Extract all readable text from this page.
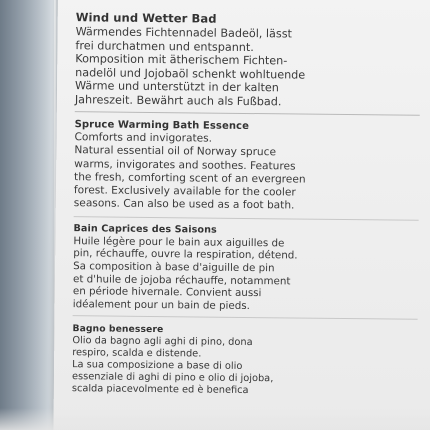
Wind und Wetter Bad

Wärmendes Fichtennadel Badeöl, lässt
frei durchatmen und entspannt.
Komposition mit ätherischem Fichten-
nadelöl und Jojobaöl schenkt wohltuende
Wärme und unterstützt in der kalten
Jahreszeit. Bewährt auch als Fußbad.

Spruce Warming Bath Essence

Comforts and invigorates.
Natural essential oil of Norway spruce
warms, invigorates and soothes. Features
the fresh, comforting scent of an evergreen
forest. Exclusively available for the cooler
seasons. Can also be used as a foot bath.

Bain Caprices des Saisons

Huile légère pour le bain aux aiguilles de
pin, réchauffe, ouvre la respiration, détend.
Sa composition à base d'aiguille de pin
et d'huile de jojoba réchauffe, notamment
en période hivernale. Convient aussi
idéalement pour un bain de pieds.

Bagno benessere

Olio da bagno agli aghi di pino, dona
respiro, scalda e distende.
La sua composizione a base di olio
essenziale di aghi di pino e olio di jojoba,
scalda piacevolmente ed è benefica
